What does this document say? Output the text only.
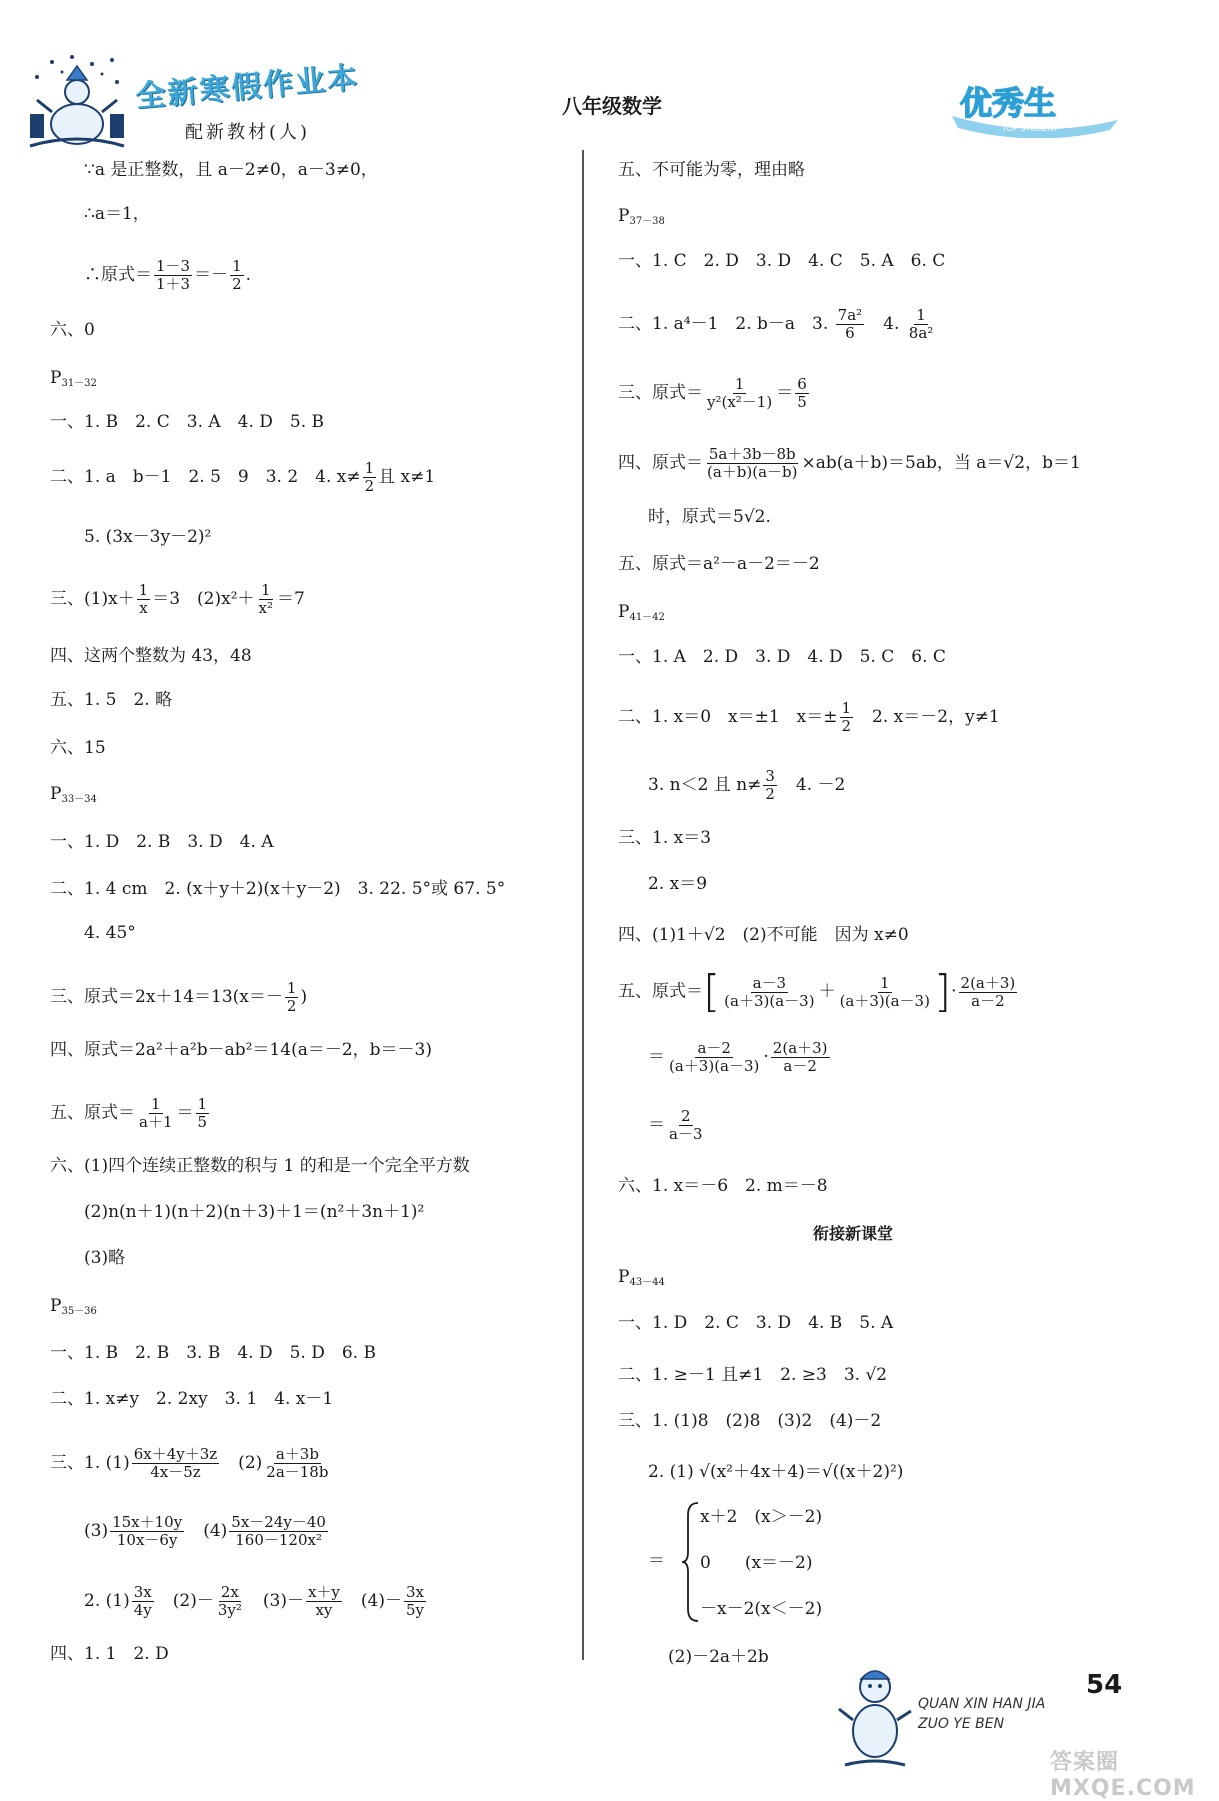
全新寒假作业本
配新教材(人)
八年级数学	优秀生
TOP STUDENT
∵a 是正整数，且 a－2≠0，a－3≠0，
∴a＝1，
∴原式＝ $\frac{1-3}{1+3} =- \frac{1}{2}$ .
六、0
$P_{31-32}$
一、1. B　2. C　3. A　4. D　5. B
二、1. a　b－1　2. 5　9　3. 2　4. $x\ne \frac{1}{2}$ 且 x≠1
5. (3x－3y－2)²
三、$(1)x+ \frac{1}{x} =3$　$(2)x^2+ \frac{1}{\text{x²}} =7$
四、这两个整数为 43，48
五、1. 5　2. 略
六、15
$P_{33-34}$
一、1. D　2. B　3. D　4. A
二、1. 4 cm　2. (x＋y＋2)(x＋y－2)　3. 22. 5°或 67. 5°
4. 45°
三、原式$=2x+14=13(x=- \frac{1}{2}$ )
四、原式＝2a²＋a²b－ab²＝14(a＝－2，b＝－3)
五、原式＝ $\frac{1}{a+1} = \frac{1}{5}$
六、(1)四个连续正整数的积与 1 的和是一个完全平方数
(2)n(n＋1)(n＋2)(n＋3)＋1＝(n²＋3n＋1)²
(3)略
$P_{35-36}$
一、1. B　2. B　3. B　4. D　5. D　6. B
二、1. x≠y　2. 2xy　3. 1　4. x－1
三、1. $(1) \frac{6x+4y+3z}{4x-5z}$ 　$(2) \frac{a+3b}{2a-18b}$
$(3) \frac{15x+10y}{10x-6y}$ 　$(4) \frac{5x-24y-40}{\text{160－120x²}}$
2. $(1) \frac{3x}{4y}$ 　$(2)- \frac{2x}{\text{3y²}}$ 　$(3)- \frac{x+y}{xy}$ 　$(4)- \frac{3x}{5y}$
四、1. 1　2. D
五、不可能为零，理由略
$P_{37-38}$
一、1. C　2. D　3. D　4. C　5. A　6. C
二、1. a⁴－1　2. b－a　3. $\frac{\text{7a²}}{6}$ 　4. $\frac{1}{\text{8a²}}$
三、原式＝ $\frac{1}{\text{y²(x²－1)}} = \frac{6}{5}$
四、原式＝ $\frac{5a+3b-8b}{(a+b)(a-b)} \times ab(a+b)=5ab$，当 a＝√2，b＝1
时，原式＝5√2.
五、原式＝a²－a－2＝－2
$P_{41-42}$
一、1. A　2. D　3. D　4. D　5. C　6. C
二、1. x＝0　x＝±1　$x=\pm \frac{1}{2}$ 　2. x＝－2，y≠1
3. n＜2 且 $n\ne \frac{3}{2}$ 　4. －2
三、1. x＝3
2. x＝9
四、(1)1＋√2　(2)不可能　因为 x≠0
五、原式＝[ $\frac{a-3}{(a+3)(a-3)} + \frac{1}{(a+3)(a-3)}$ ]· $\frac{2(a+3)}{a-2}$
＝ $\frac{a-2}{(a+3)(a-3)} \cdot \frac{2(a+3)}{a-2}$
＝ $\frac{2}{a-3}$
六、1. x＝－6　2. m＝－8
衔接新课堂
$P_{43-44}$
一、1. D　2. C　3. D　4. B　5. A
二、1. ≥－1 且≠1　2. ≥3　3. √2
三、1. (1)8　(2)8　(3)2　(4)－2
2. (1) √(x²＋4x＋4)＝√((x＋2)²)
＝
x＋2　(x＞－2)
0　　(x＝－2)
－x－2(x＜－2)
(2)－2a＋2b
QUAN XIN HAN JIA
ZUO YE BEN
54
答案圈 MXQE.COM
